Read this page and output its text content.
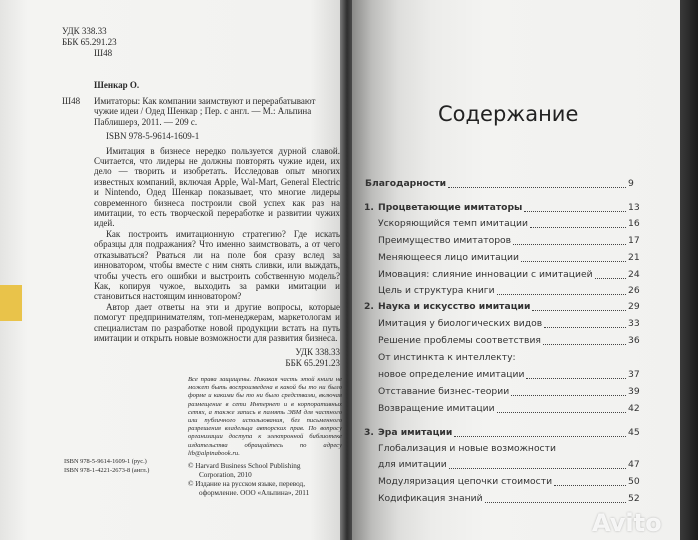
УДК 338.33
ББК 65.291.23
Ш48
Шенкар О.
Ш48 Имитаторы: Как компании заимствуют и перерабатывают чужие идеи / Одед Шенкар ; Пер. с англ. — М.: Альпина Паблишерз, 2011. — 209 с.
ISBN 978-5-9614-1609-1

Имитация в бизнесе нередко пользуется дурной славой. Считается, что лидеры не должны повторять чужие идеи, их дело — творить и изобретать. Исследовав опыт многих известных компаний, включая Apple, Wal-Mart, General Electric и Nintendo, Одед Шенкар показывает, что многие лидеры современного бизнеса построили свой успех как раз на имитации, то есть творческой переработке и развитии чужих идей.

Как построить имитационную стратегию? Где искать образцы для подражания? Что именно заимствовать, а от чего отказываться? Рваться ли на поле боя сразу вслед за инноватором, чтобы вместе с ним снять сливки, или выждать, чтобы учесть его ошибки и выстроить собственную модель? Как, копируя чужое, выходить за рамки имитации и становиться настоящим инноватором?

Автор дает ответы на эти и другие вопросы, которые помогут предпринимателям, топ-менеджерам, маркетологам и специалистам по разработке новой продукции встать на путь имитации и открыть новые возможности для развития бизнеса.

УДК 338.33
ББК 65.291.23
Все права защищены. Никакая часть этой книги не может быть воспроизведена в какой бы то ни было форме и какими бы то ни было средствами, включая размещение в сети Интернет и в корпоративных сетях, а также запись в память ЭВМ для частного или публичного использования, без письменного разрешения владельца авторских прав. По вопросу организации доступа к электронной библиотеке издательства обращайтесь по адресу lib@alpinabook.ru.
© Harvard Business School Publishing
Corporation, 2010
© Издание на русском языке, перевод,
оформление. ООО «Альпина», 2011
ISBN 978-5-9614-1609-1 (рус.)
ISBN 978-1-4221-2673-8 (англ.)
Содержание
Благодарности	9
1. Процветающие имитаторы	13
Ускоряющийся темп имитации	16
Преимущество имитаторов	17
Меняющееся лицо имитации	21
Имовация: слияние инновации с имитацией	24
Цель и структура книги	26
2. Наука и искусство имитации	29
Имитация у биологических видов	33
Решение проблемы соответствия	36
От инстинкта к интеллекту:
новое определение имитации	37
Отставание бизнес-теории	39
Возвращение имитации	42
3. Эра имитации	45
Глобализация и новые возможности
для имитации	47
Модуляризация цепочки стоимости	50
Кодификация знаний	52
Avito
